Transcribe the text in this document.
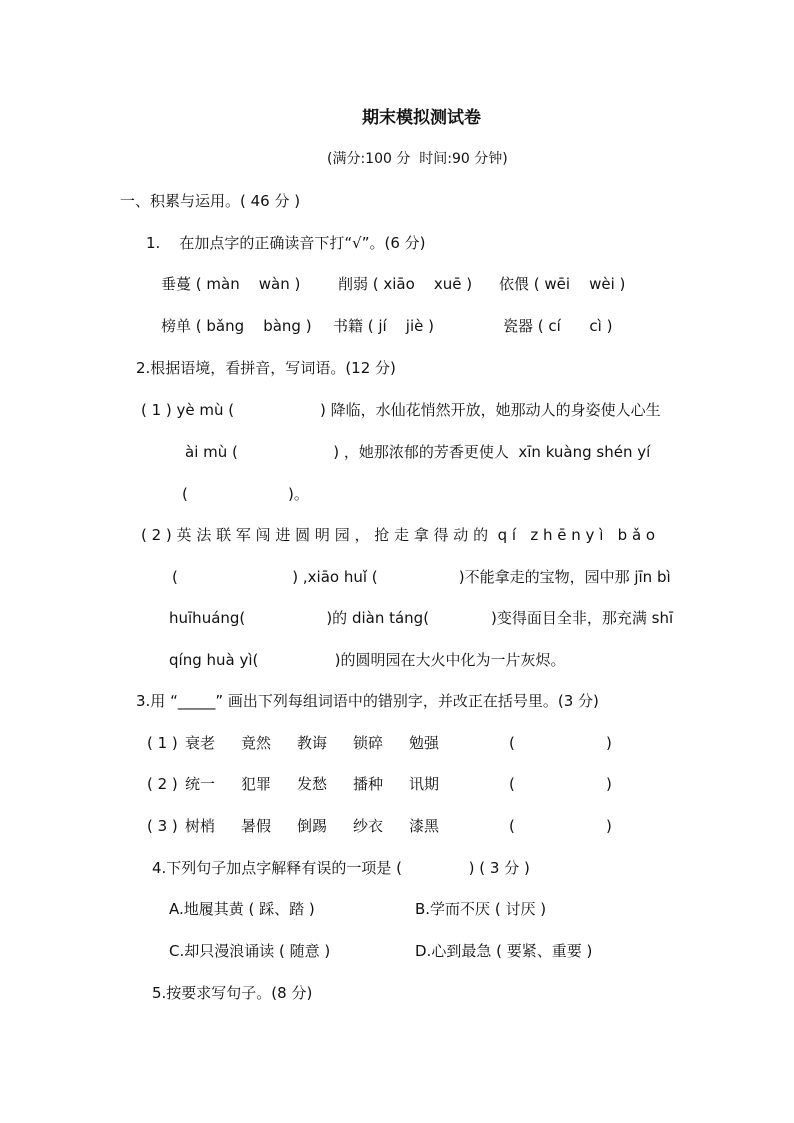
期末模拟测试卷
(满分:100 分  时间:90 分钟)
一、积累与运用。( 46 分 )
1.    在加点字的正确读音下打“√”。(6 分)
垂蔓 ( màn    wàn )	削弱 ( xiāo    xuē ) 依偎 ( wēi    wèi )
榜单 ( bǎng    bàng ) 书籍 ( jí    jiè )	瓷器 ( cí      cì )
2.根据语境，看拼音，写词语。(12 分)
( 1 ) yè mù (                  ) 降临，水仙花悄然开放，她那动人的身姿使人心生
ài mù (                    ) ，她那浓郁的芳香更使人  xīn kuàng shén yí
(                     )。
( 2 ) 英 法 联 军 闯 进 圆 明 园 ， 抢 走 拿 得 动 的  q í   z h ē n y ì   b ǎ o
(                        ) ,xiāo huǐ (                 )不能拿走的宝物，园中那 jīn bì
huīhuáng(                 )的 diàn táng(             )变得面目全非，那充满 shī
qíng huà yì(                )的圆明园在大火中化为一片灰烬。
3.用 “_____” 画出下列每组词语中的错别字，并改正在括号里。(3 分)
( 1 ) 衰老 竟然 教诲 锁碎 勉强	(	)
( 2 ) 统一 犯罪 发愁 播种 讯期	(	)
( 3 ) 树梢 暑假 倒踢 纱衣 漆黑	(	)
4.下列句子加点字解释有误的一项是 (              ) ( 3 分 )
A.地履其黄 ( 踩、踏 )	B.学而不厌 ( 讨厌 )
C.却只漫浪诵读 ( 随意 )	D.心到最急 ( 要紧、重要 )
5.按要求写句子。(8 分)
